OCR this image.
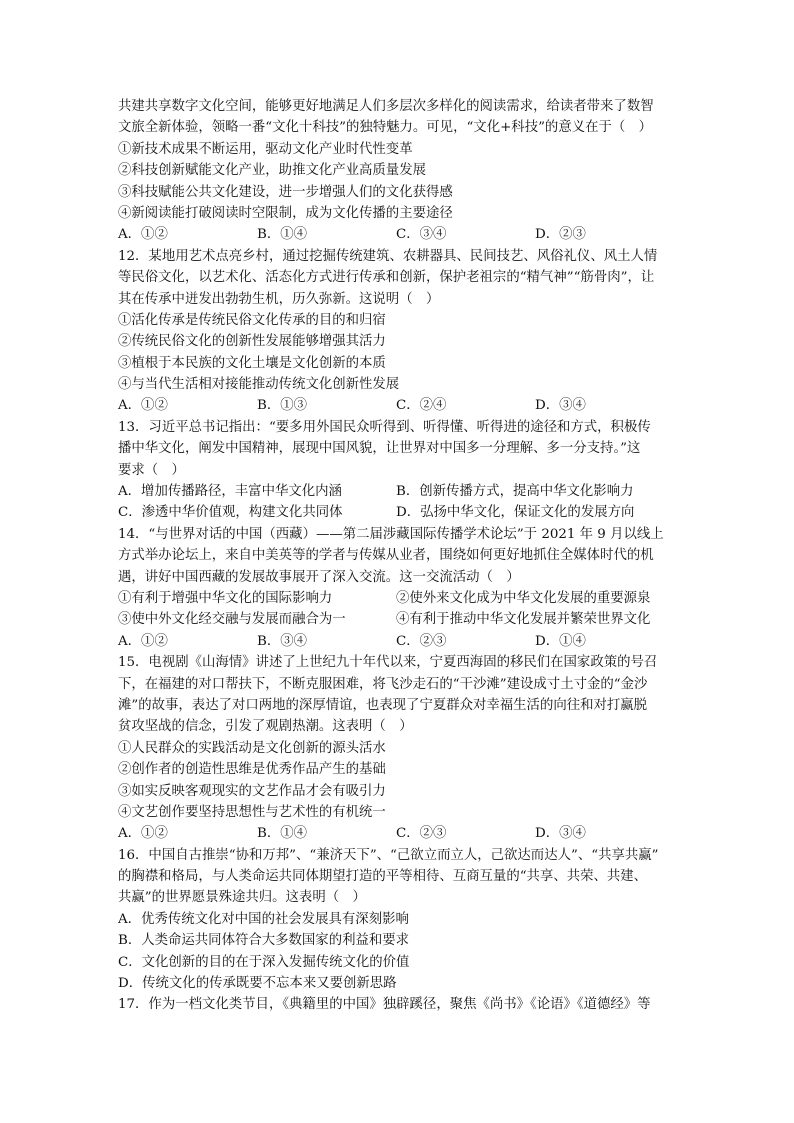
共建共享数字文化空间，能够更好地满足人们多层次多样化的阅读需求，给读者带来了数智
文旅全新体验，领略一番“文化十科技”的独特魅力。可见，“文化+科技”的意义在于（　）
①新技术成果不断运用，驱动文化产业时代性变革
②科技创新赋能文化产业，助推文化产业高质量发展
③科技赋能公共文化建设，进一步增强人们的文化获得感
④新阅读能打破阅读时空限制，成为文化传播的主要途径
A．①②	B．①④	C．③④	D．②③
12．某地用艺术点亮乡村，通过挖掘传统建筑、农耕器具、民间技艺、风俗礼仪、风土人情
等民俗文化，以艺术化、活态化方式进行传承和创新，保护老祖宗的“精气神”“筋骨肉”，让
其在传承中迸发出勃勃生机，历久弥新。这说明（　）
①活化传承是传统民俗文化传承的目的和归宿
②传统民俗文化的创新性发展能够增强其活力
③植根于本民族的文化土壤是文化创新的本质
④与当代生活相对接能推动传统文化创新性发展
A．①②	B．①③	C．②④	D．③④
13．习近平总书记指出：“要多用外国民众听得到、听得懂、听得进的途径和方式，积极传
播中华文化，阐发中国精神，展现中国风貌，让世界对中国多一分理解、多一分支持。”这
要求（　）
A．增加传播路径，丰富中华文化内涵	B．创新传播方式，提高中华文化影响力
C．渗透中华价值观，构建文化共同体	D．弘扬中华文化，保证文化的发展方向
14．“与世界对话的中国（西藏）——第二届涉藏国际传播学术论坛”于 2021 年 9 月以线上
方式举办论坛上，来自中美英等的学者与传媒从业者，围绕如何更好地抓住全媒体时代的机
遇，讲好中国西藏的发展故事展开了深入交流。这一交流活动（　）
①有利于增强中华文化的国际影响力	②使外来文化成为中华文化发展的重要源泉
③使中外文化经交融与发展而融合为一	④有利于推动中华文化发展并繁荣世界文化
A．①②	B．③④	C．②③	D．①④
15．电视剧《山海情》讲述了上世纪九十年代以来，宁夏西海固的移民们在国家政策的号召
下，在福建的对口帮扶下，不断克服困难，将飞沙走石的“干沙滩”建设成寸土寸金的“金沙
滩”的故事，表达了对口两地的深厚情谊，也表现了宁夏群众对幸福生活的向往和对打赢脱
贫攻坚战的信念，引发了观剧热潮。这表明（　）
①人民群众的实践活动是文化创新的源头活水
②创作者的创造性思维是优秀作品产生的基础
③如实反映客观现实的文艺作品才会有吸引力
④文艺创作要坚持思想性与艺术性的有机统一
A．①②	B．①④	C．②③	D．③④
16．中国自古推崇“协和万邦”、“兼济天下”、“己欲立而立人，己欲达而达人”、“共享共赢”
的胸襟和格局，与人类命运共同体期望打造的平等相待、互商互量的“共享、共荣、共建、
共赢”的世界愿景殊途共归。这表明（　）
A．优秀传统文化对中国的社会发展具有深刻影响
B．人类命运共同体符合大多数国家的利益和要求
C．文化创新的目的在于深入发掘传统文化的价值
D．传统文化的传承既要不忘本来又要创新思路
17．作为一档文化类节目，《典籍里的中国》独辟蹊径，聚焦《尚书》《论语》《道德经》等
